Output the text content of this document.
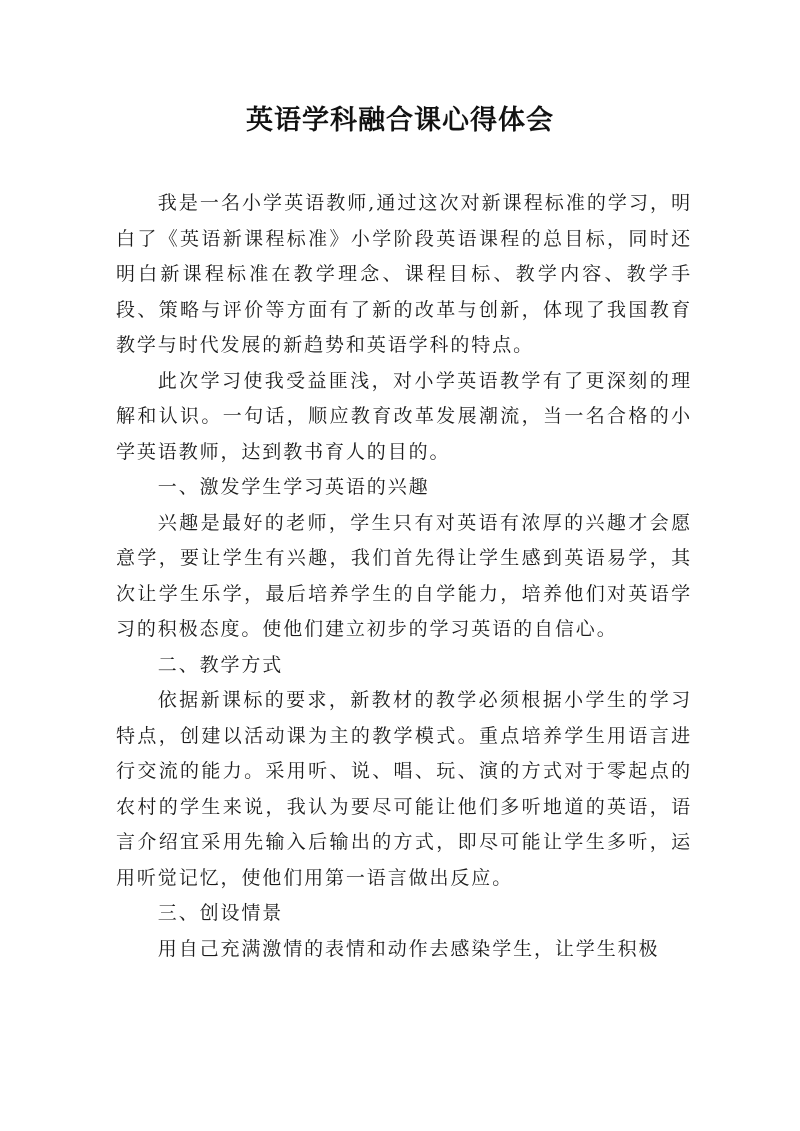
英语学科融合课心得体会

我是一名小学英语教师,通过这次对新课程标准的学习，明白了《英语新课程标准》小学阶段英语课程的总目标，同时还明白新课程标准在教学理念、课程目标、教学内容、教学手段、策略与评价等方面有了新的改革与创新，体现了我国教育教学与时代发展的新趋势和英语学科的特点。

此次学习使我受益匪浅，对小学英语教学有了更深刻的理解和认识。一句话，顺应教育改革发展潮流，当一名合格的小学英语教师，达到教书育人的目的。

一、激发学生学习英语的兴趣

兴趣是最好的老师，学生只有对英语有浓厚的兴趣才会愿意学，要让学生有兴趣，我们首先得让学生感到英语易学，其次让学生乐学，最后培养学生的自学能力，培养他们对英语学习的积极态度。使他们建立初步的学习英语的自信心。

二、教学方式

依据新课标的要求，新教材的教学必须根据小学生的学习特点，创建以活动课为主的教学模式。重点培养学生用语言进行交流的能力。采用听、说、唱、玩、演的方式对于零起点的农村的学生来说，我认为要尽可能让他们多听地道的英语，语言介绍宜采用先输入后输出的方式，即尽可能让学生多听，运用听觉记忆，使他们用第一语言做出反应。

三、创设情景

用自己充满激情的表情和动作去感染学生，让学生积极
